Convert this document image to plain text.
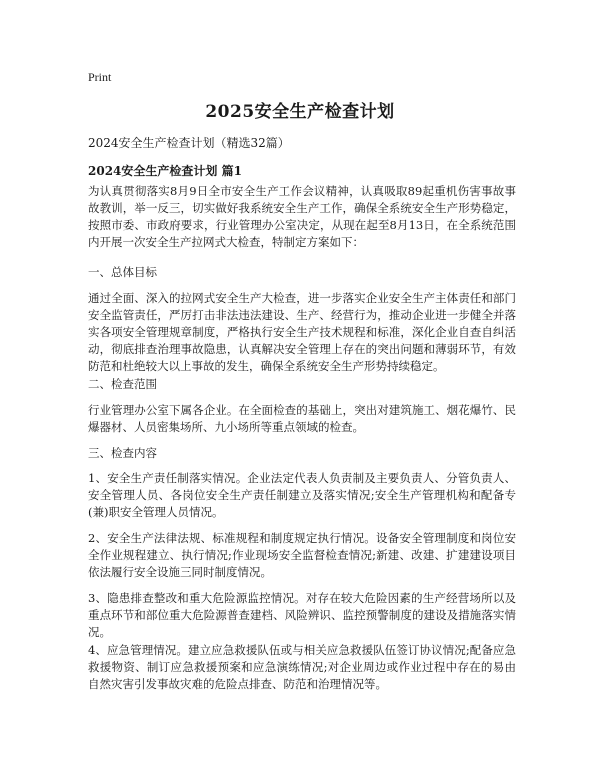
Print
2025安全生产检查计划
2024安全生产检查计划（精选32篇）
2024安全生产检查计划 篇1

为认真贯彻落实8月9日全市安全生产工作会议精神，认真吸取89起重机伤害事故事故教训，举一反三，切实做好我系统安全生产工作，确保全系统安全生产形势稳定，按照市委、市政府要求，行业管理办公室决定，从现在起至8月13日，在全系统范围内开展一次安全生产拉网式大检查，特制定方案如下：

一、总体目标

通过全面、深入的拉网式安全生产大检查，进一步落实企业安全生产主体责任和部门安全监管责任，严厉打击非法违法建设、生产、经营行为，推动企业进一步健全并落实各项安全管理规章制度，严格执行安全生产技术规程和标准，深化企业自查自纠活动，彻底排查治理事故隐患，认真解决安全管理上存在的突出问题和薄弱环节，有效防范和杜绝较大以上事故的发生，确保全系统安全生产形势持续稳定。

二、检查范围

行业管理办公室下属各企业。在全面检查的基础上，突出对建筑施工、烟花爆竹、民爆器材、人员密集场所、九小场所等重点领域的检查。

三、检查内容

1、安全生产责任制落实情况。企业法定代表人负责制及主要负责人、分管负责人、安全管理人员、各岗位安全生产责任制建立及落实情况;安全生产管理机构和配备专(兼)职安全管理人员情况。

2、安全生产法律法规、标准规程和制度规定执行情况。设备安全管理制度和岗位安全作业规程建立、执行情况;作业现场安全监督检查情况;新建、改建、扩建建设项目依法履行安全设施三同时制度情况。

3、隐患排查整改和重大危险源监控情况。对存在较大危险因素的生产经营场所以及重点环节和部位重大危险源普查建档、风险辨识、监控预警制度的建设及措施落实情况。

4、应急管理情况。建立应急救援队伍或与相关应急救援队伍签订协议情况;配备应急救援物资、制订应急救援预案和应急演练情况;对企业周边或作业过程中存在的易由自然灾害引发事故灾难的危险点排查、防范和治理情况等。
